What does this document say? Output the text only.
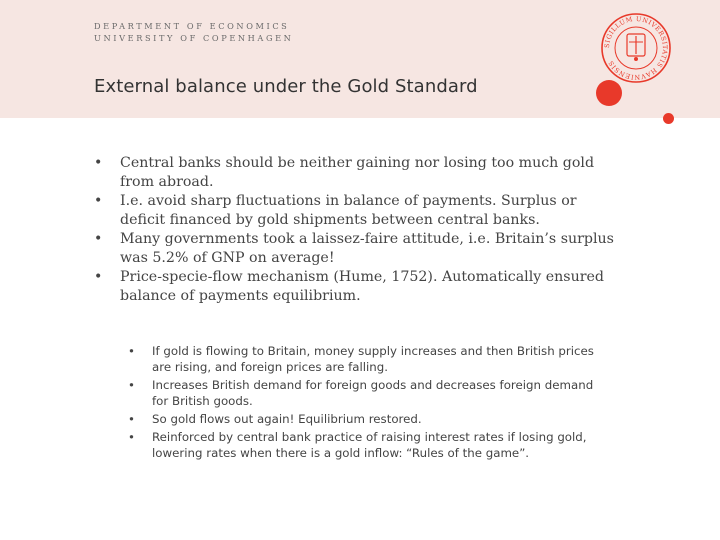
DEPARTMENT OF ECONOMICS
UNIVERSITY OF COPENHAGEN
External balance under the Gold Standard
SIGILLUM UNIVERSITATIS HAVNIENSIS
• Central banks should be neither gaining nor losing too much gold from abroad.
• I.e. avoid sharp fluctuations in balance of payments. Surplus or deficit financed by gold shipments between central banks.
• Many governments took a laissez-faire attitude, i.e. Britain’s surplus was 5.2% of GNP on average!
• Price-specie-flow mechanism (Hume, 1752). Automatically ensured balance of payments equilibrium.
• If gold is flowing to Britain, money supply increases and then British prices are rising, and foreign prices are falling.
• Increases British demand for foreign goods and decreases foreign demand for British goods.
• So gold flows out again! Equilibrium restored.
• Reinforced by central bank practice of raising interest rates if losing gold, lowering rates when there is a gold inflow: “Rules of the game”.
